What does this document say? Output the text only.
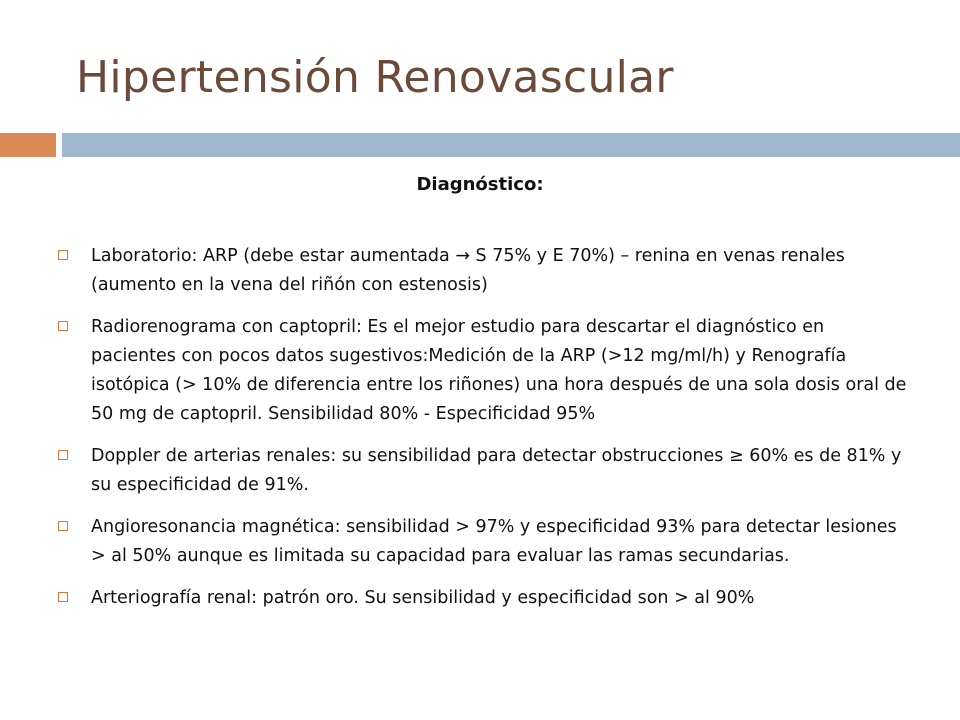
Hipertensión Renovascular
Diagnóstico:
Laboratorio: ARP (debe estar aumentada → S 75% y E 70%) – renina en venas renales (aumento en la vena del riñón con estenosis)
Radiorenograma con captopril: Es el mejor estudio para descartar el diagnóstico en pacientes con pocos datos sugestivos:Medición de la ARP (>12 mg/ml/h) y Renografía isotópica (> 10% de diferencia entre los riñones) una hora después de una sola dosis oral de 50 mg de captopril. Sensibilidad 80% - Especificidad 95%
Doppler de arterias renales: su sensibilidad para detectar obstrucciones ≥ 60% es de 81% y su especificidad de 91%.
Angioresonancia magnética: sensibilidad > 97% y especificidad 93% para detectar lesiones > al 50% aunque es limitada su capacidad para evaluar las ramas secundarias.
Arteriografía renal: patrón oro. Su sensibilidad y especificidad son > al 90%
